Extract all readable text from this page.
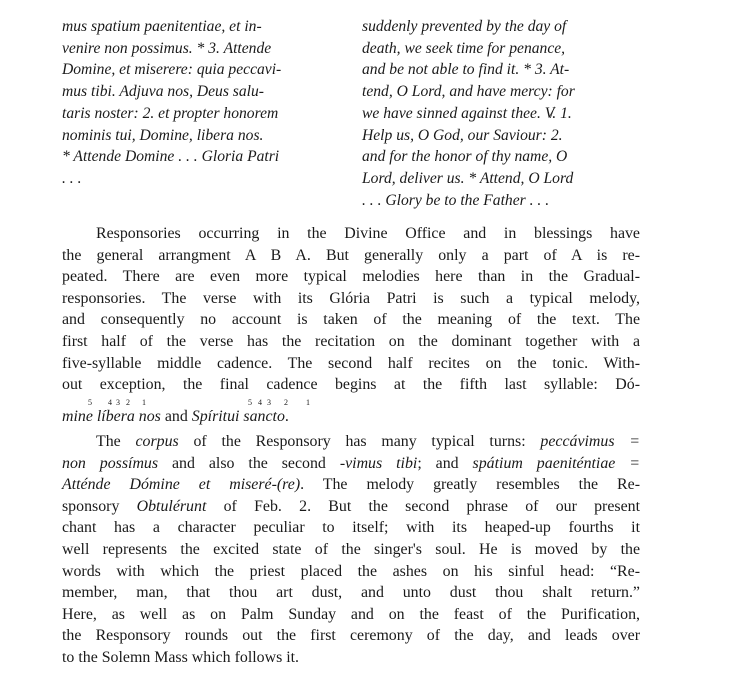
mus spatium paenitentiae, et in-
venire non possimus. * 3. Attende
Domine, et miserere: quia peccavi-
mus tibi. Adjuva nos, Deus salu-
taris noster: 2. et propter honorem
nominis tui, Domine, libera nos.
* Attende Domine . . . Gloria Patri
. . .
suddenly prevented by the day of
death, we seek time for penance,
and be not able to find it. * 3. At-
tend, O Lord, and have mercy: for
we have sinned against thee. V̸. 1.
Help us, O God, our Saviour: 2.
and for the honor of thy name, O
Lord, deliver us. * Attend, O Lord
. . . Glory be to the Father . . .
Responsories occurring in the Divine Office and in blessings have
the general arrangment A B A. But generally only a part of A is re-
peated. There are even more typical melodies here than in the Gradual-
responsories. The verse with its Glória Patri is such a typical melody,
and consequently no account is taken of the meaning of the text. The
first half of the verse has the recitation on the dominant together with a
five-syllable middle cadence. The second half recites on the tonic. With-
out exception, the final cadence begins at the fifth last syllable: Dó-
5 4 3 2 1	5 4 3 2 1
mine líbera nos and Spíritui sancto.
The corpus of the Responsory has many typical turns: peccávimus =
non possímus and also the second -vimus tibi; and spátium paeniténtiae =
Atténde Dómine et miseré-(re). The melody greatly resembles the Re-
sponsory Obtulérunt of Feb. 2. But the second phrase of our present
chant has a character peculiar to itself; with its heaped-up fourths it
well represents the excited state of the singer's soul. He is moved by the
words with which the priest placed the ashes on his sinful head: “Re-
member, man, that thou art dust, and unto dust thou shalt return.”
Here, as well as on Palm Sunday and on the feast of the Purification,
the Responsory rounds out the first ceremony of the day, and leads over
to the Solemn Mass which follows it.
